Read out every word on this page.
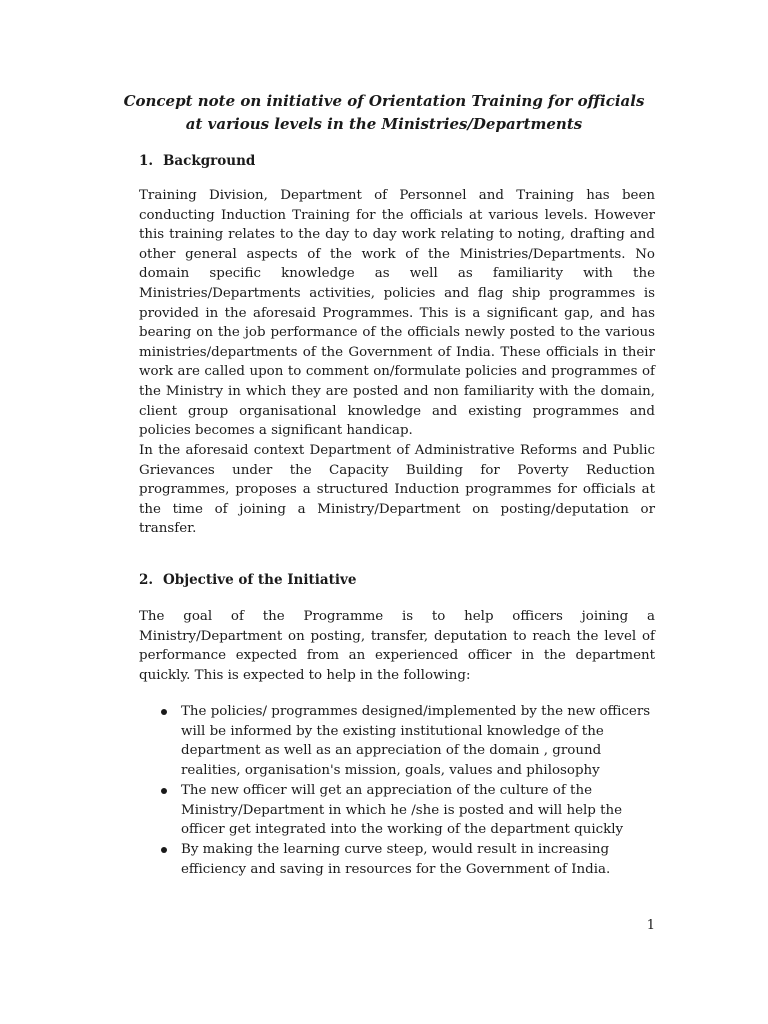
Concept note on initiative of Orientation Training for officials at various levels in the Ministries/Departments
1. Background

Training Division, Department of Personnel and Training has been conducting Induction Training for the officials at various levels. However this training relates to the day to day work relating to noting, drafting and other general aspects of the work of the Ministries/Departments. No domain specific knowledge as well as familiarity with the Ministries/Departments activities, policies and flag ship programmes is provided in the aforesaid Programmes. This is a significant gap, and has bearing on the job performance of the officials newly posted to the various ministries/departments of the Government of India. These officials in their work are called upon to comment on/formulate policies and programmes of the Ministry in which they are posted and non familiarity with the domain, client group organisational knowledge and existing programmes and policies becomes a significant handicap.

In the aforesaid context Department of Administrative Reforms and Public Grievances under the Capacity Building for Poverty Reduction programmes, proposes a structured Induction programmes for officials at the time of joining a Ministry/Department on posting/deputation or transfer.

2. Objective of the Initiative

The goal of the Programme is to help officers joining a Ministry/Department on posting, transfer, deputation to reach the level of performance expected from an experienced officer in the department quickly. This is expected to help in the following:

The policies/ programmes designed/implemented by the new officers will be informed by the existing institutional knowledge of the department as well as an appreciation of the domain , ground realities, organisation's mission, goals, values and philosophy
The new officer will get an appreciation of the culture of the Ministry/Department in which he /she is posted and will help the officer get integrated into the working of the department quickly
By making the learning curve steep, would result in increasing efficiency and saving in resources for the Government of India.
1
